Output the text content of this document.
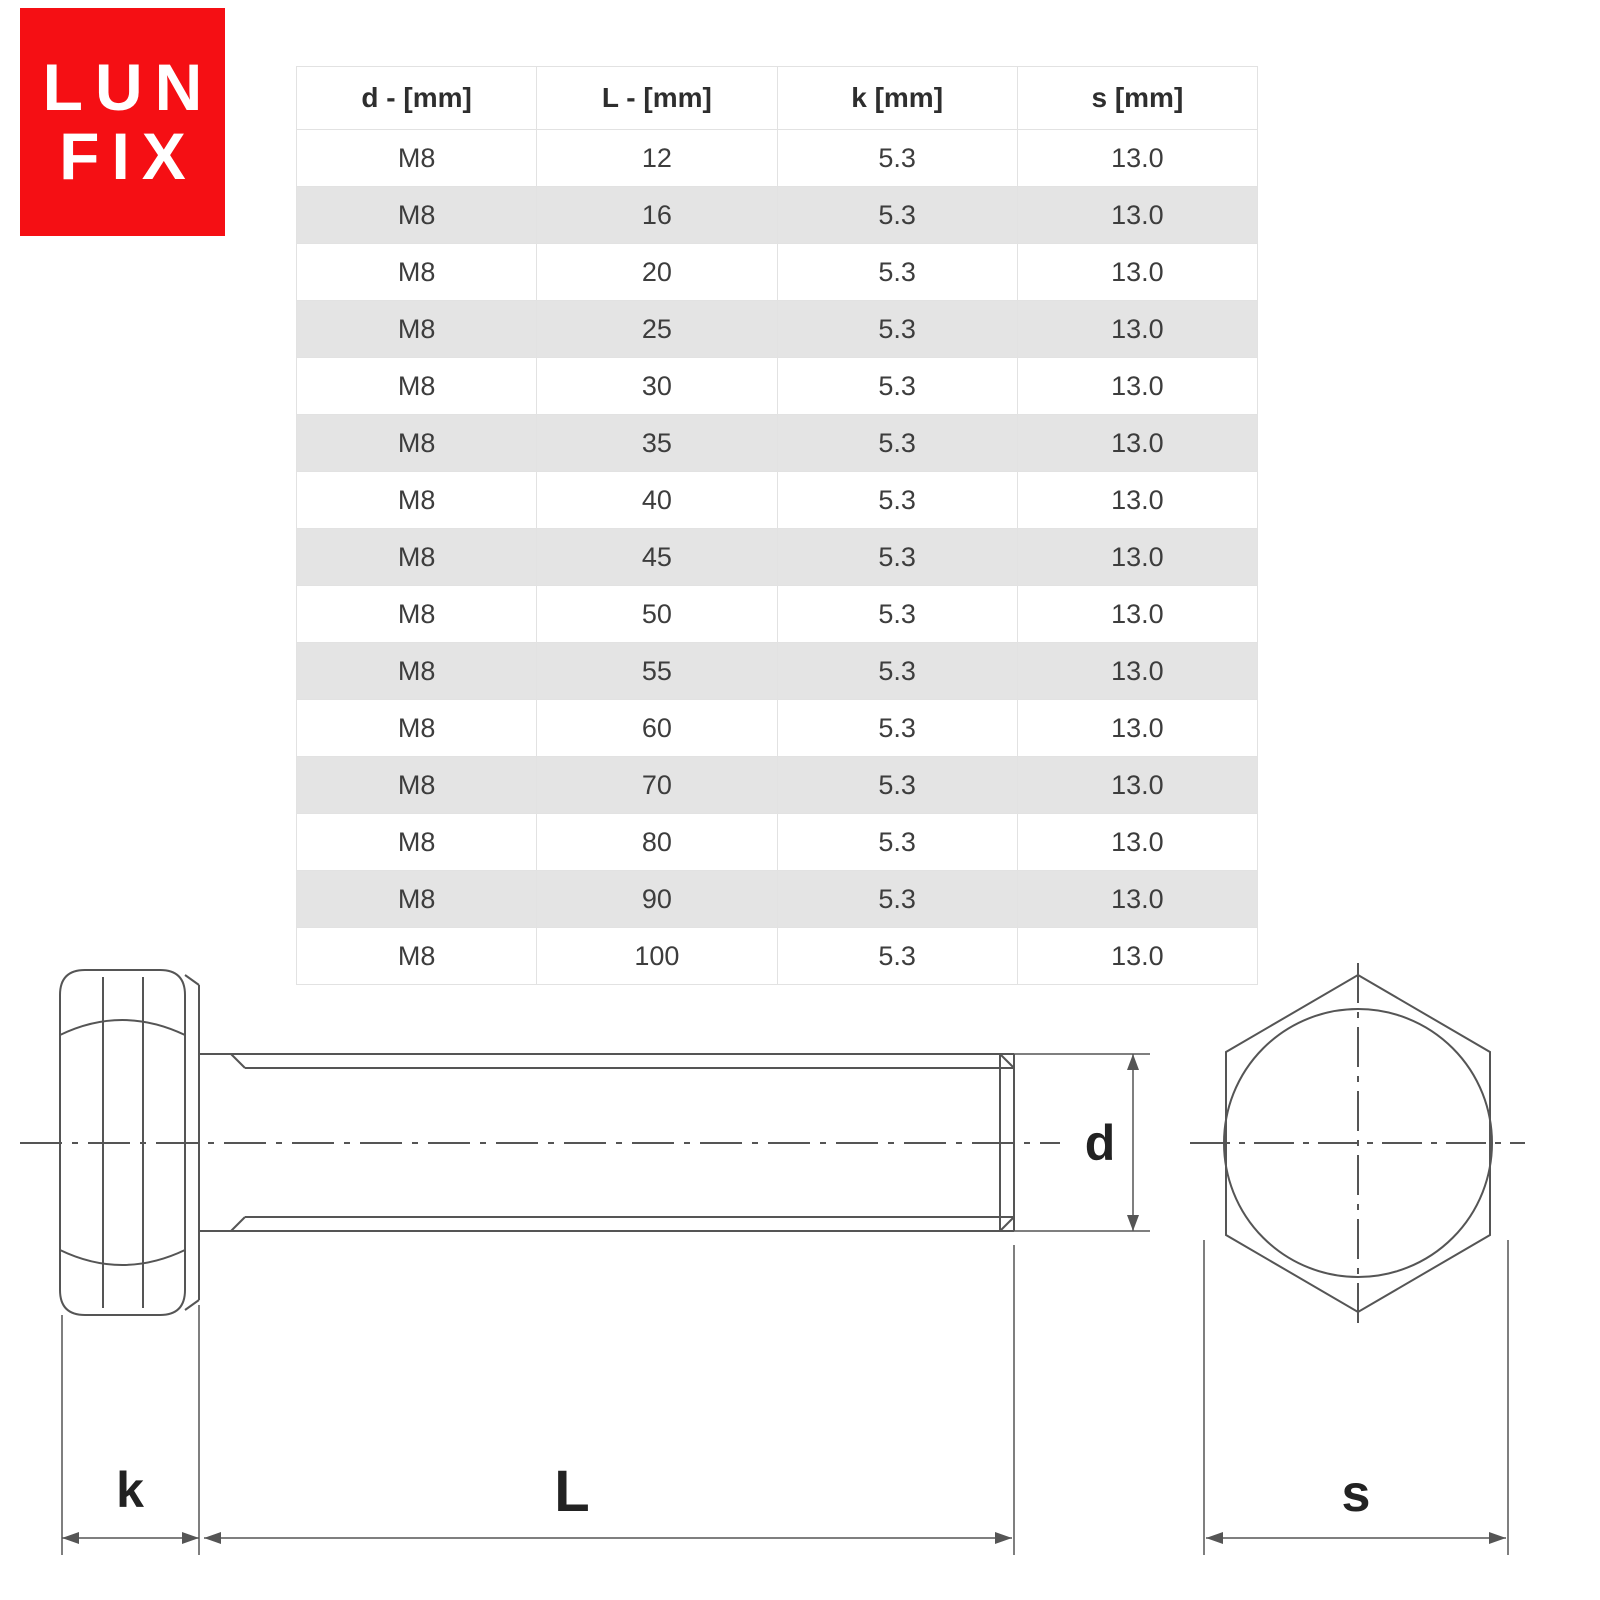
LUN
FIX
d - [mm]	L - [mm]	k [mm]	s [mm]
M8	12	5.3	13.0
M8	16	5.3	13.0
M8	20	5.3	13.0
M8	25	5.3	13.0
M8	30	5.3	13.0
M8	35	5.3	13.0
M8	40	5.3	13.0
M8	45	5.3	13.0
M8	50	5.3	13.0
M8	55	5.3	13.0
M8	60	5.3	13.0
M8	70	5.3	13.0
M8	80	5.3	13.0
M8	90	5.3	13.0
M8	100	5.3	13.0
k	L
d
s
